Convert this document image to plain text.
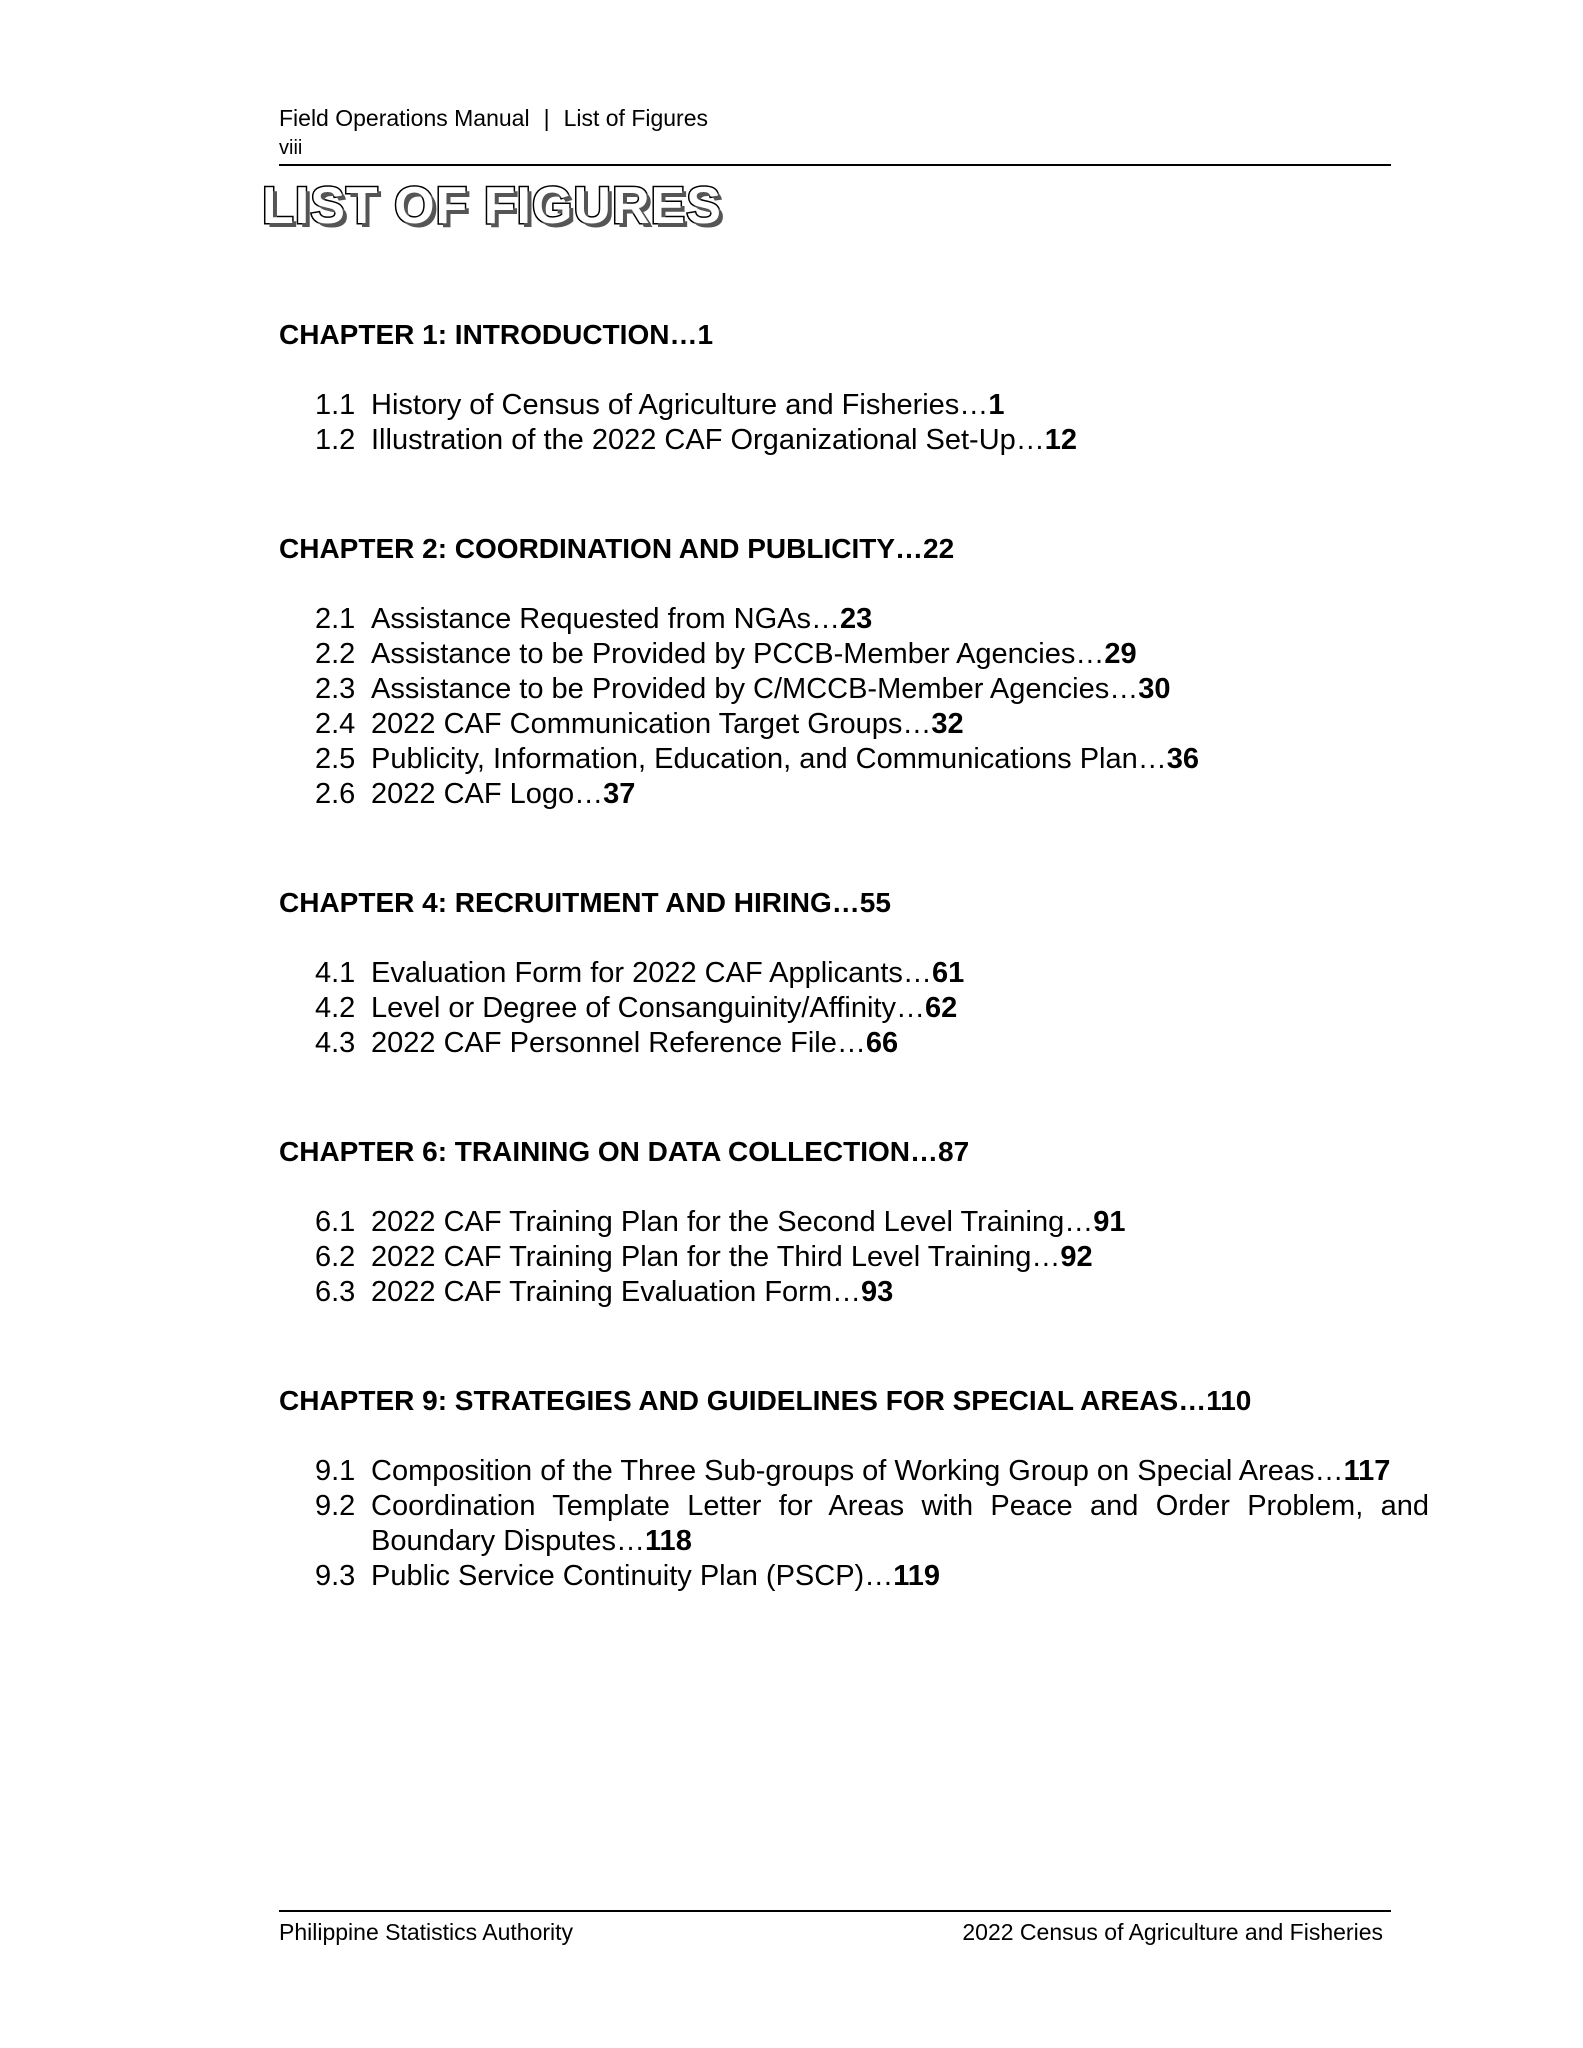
Field Operations Manual | List of Figures
viii
LIST OF FIGURES
CHAPTER 1: INTRODUCTION…1
1.1 History of Census of Agriculture and Fisheries…1
1.2 Illustration of the 2022 CAF Organizational Set-Up…12
CHAPTER 2: COORDINATION AND PUBLICITY…22
2.1 Assistance Requested from NGAs…23
2.2 Assistance to be Provided by PCCB-Member Agencies…29
2.3 Assistance to be Provided by C/MCCB-Member Agencies…30
2.4 2022 CAF Communication Target Groups…32
2.5 Publicity, Information, Education, and Communications Plan…36
2.6 2022 CAF Logo…37
CHAPTER 4: RECRUITMENT AND HIRING…55
4.1 Evaluation Form for 2022 CAF Applicants…61
4.2 Level or Degree of Consanguinity/Affinity…62
4.3 2022 CAF Personnel Reference File…66
CHAPTER 6: TRAINING ON DATA COLLECTION…87
6.1 2022 CAF Training Plan for the Second Level Training…91
6.2 2022 CAF Training Plan for the Third Level Training…92
6.3 2022 CAF Training Evaluation Form…93
CHAPTER 9: STRATEGIES AND GUIDELINES FOR SPECIAL AREAS…110
9.1 Composition of the Three Sub-groups of Working Group on Special Areas…117
9.2 Coordination Template Letter for Areas with Peace and Order Problem, and Boundary Disputes…118
9.3 Public Service Continuity Plan (PSCP)…119
Philippine Statistics Authority	2022 Census of Agriculture and Fisheries
